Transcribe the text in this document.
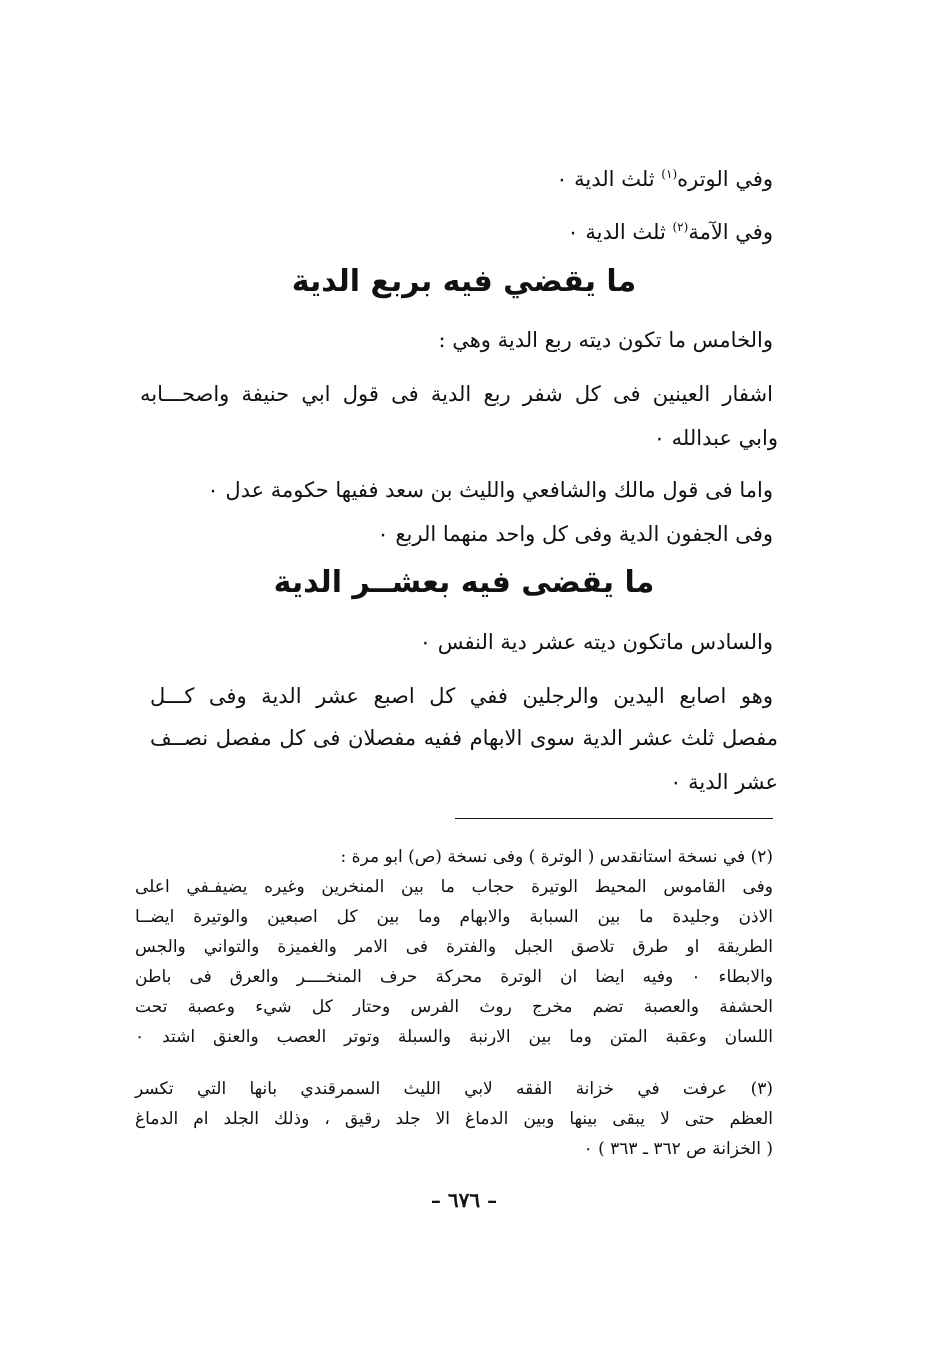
وفي الوتره$^{(١)}$ ثلث الدية ٠
وفي الآمة$^{(٢)}$ ثلث الدية ٠
ما يقضي فيه بربع الدية
والخامس ما تكون ديته ربع الدية وهي :
اشفار العينين فى كل شفر ربع الدية فى قول ابي حنيفة واصحـــابه
وابي عبدالله ٠
واما فى قول مالك والشافعي والليث بن سعد ففيها حكومة عدل ٠
وفى الجفون الدية وفى كل واحد منهما الربع ٠
ما يقضى فيه بعشــر الدية
والسادس ماتكون ديته عشر دية النفس ٠
وهو اصابع اليدين والرجلين ففي كل اصبع عشر الدية وفى كـــل
مفصل ثلث عشر الدية سوى الابهام ففيه مفصلان فى كل مفصل نصــف
عشر الدية ٠
(٢) في نسخة استانقدس ( الوترة ) وفى نسخة (ص) ابو مرة :
وفى القاموس المحيط الوتيرة حجاب ما بين المنخرين وغيره يضيفـفي اعلى
الاذن وجليدة ما بين السبابة والابهام وما بين كل اصبعين والوتيرة ايضــا
الطريقة او طرق تلاصق الجبل والفترة فى الامر والغميزة والتواني والجس
والابطاء ٠ وفيه ايضا ان الوترة محركة حرف المنخــــر والعرق فى باطن
الحشفة والعصبة تضم مخرج روث الفرس وحتار كل شيء وعصبة تحت
اللسان وعقبة المتن وما بين الارنبة والسبلة وتوتر العصب والعنق اشتد ٠
(٣) عرفت في خزانة الفقه لابي الليث السمرقندي بانها التي تكسر
العظم حتى لا يبقى بينها وبين الدماغ الا جلد رقيق ، وذلك الجلد ام الدماغ
( الخزانة ص ٣٦٢ ـ ٣٦٣ ) ٠
– ٦٧٦ –
